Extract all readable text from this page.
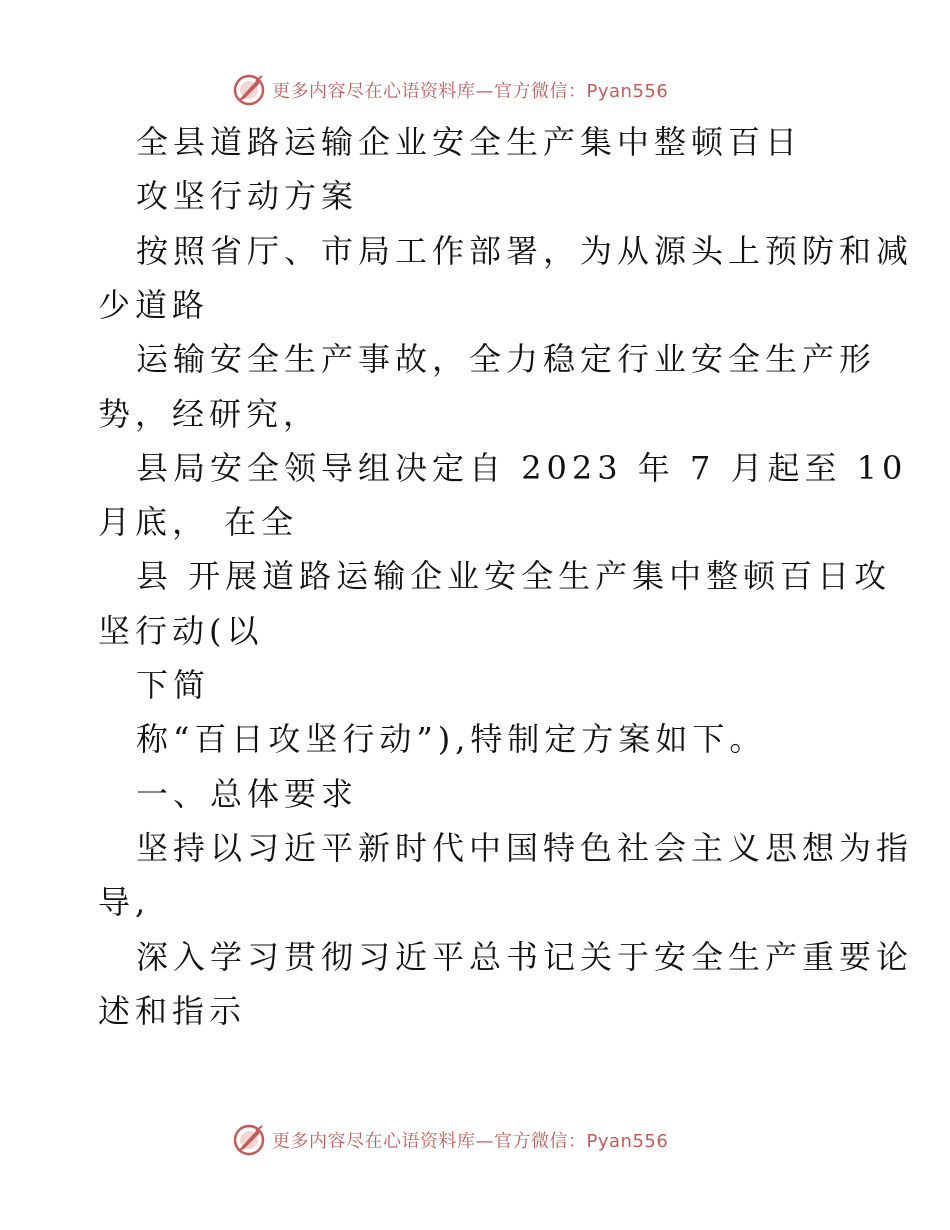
更多内容尽在心语资料库—官方微信：Pyan556
全县道路运输企业安全生产集中整顿百日
攻坚行动方案
按照省厅、市局工作部署，为从源头上预防和减
少道路
运输安全生产事故，全力稳定行业安全生产形
势，经研究，
县局安全领导组决定自 2023 年 7 月起至 10
月底， 在全
县 开展道路运输企业安全生产集中整顿百日攻
坚行动(以
下简
称“百日攻坚行动”),特制定方案如下。
一、总体要求
坚持以习近平新时代中国特色社会主义思想为指
导,
深入学习贯彻习近平总书记关于安全生产重要论
述和指示
更多内容尽在心语资料库—官方微信：Pyan556
